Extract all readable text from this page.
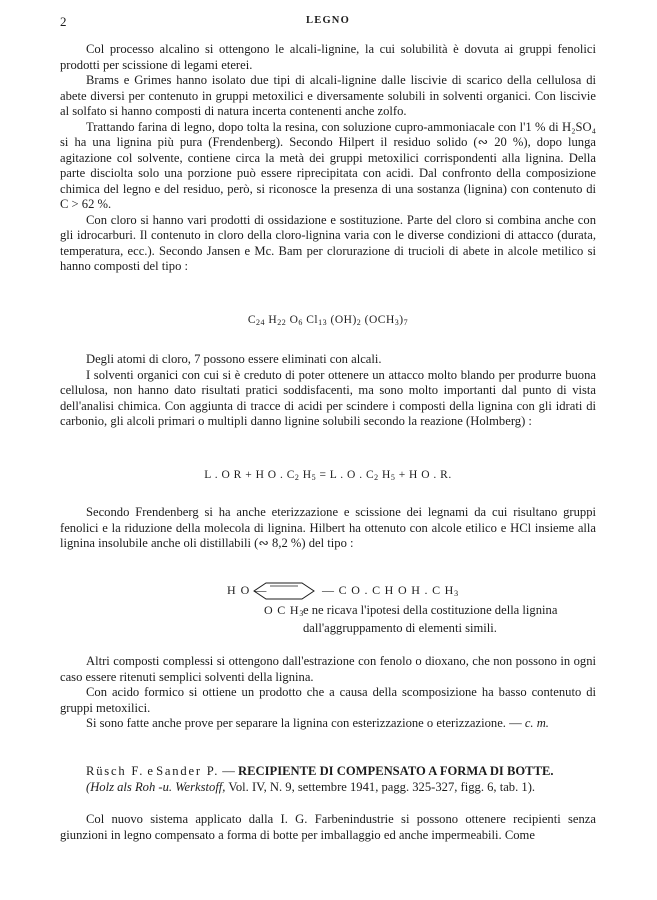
2	LEGNO

Col processo alcalino si ottengono le alcali-lignine, la cui solubilità è dovuta ai gruppi fenolici prodotti per scissione di legami eterei.

Brams e Grimes hanno isolato due tipi di alcali-lignine dalle liscivie di scarico della cellulosa di abete diversi per contenuto in gruppi metoxilici e diversamente solubili in solventi organici. Con liscivie al solfato si hanno composti di natura incerta contenenti anche zolfo.

Trattando farina di legno, dopo tolta la resina, con soluzione cupro-ammoniacale con l'1 % di H₂SO₄ si ha una lignina più pura (Frendenberg). Secondo Hilpert il residuo solido (∾ 20 %), dopo lunga agitazione col solvente, contiene circa la metà dei gruppi metoxilici corrispondenti alla lignina. Della parte disciolta solo una porzione può essere riprecipitata con acidi. Dal confronto della composizione chimica del legno e del residuo, però, si riconosce la presenza di una sostanza (lignina) con contenuto di C > 62 %.

Con cloro si hanno vari prodotti di ossidazione e sostituzione. Parte del cloro si combina anche con gli idrocarburi. Il contenuto in cloro della cloro-lignina varia con le diverse condizioni di attacco (durata, temperatura, ecc.). Secondo Jansen e Mc. Bam per clorurazione di trucioli di abete in alcole metilico si hanno composti del tipo :

$C_{24}$ $H_{22}$ $O_6$ $Cl_{13}$ $(OH)_2$ $(OCH_3)_7$

Degli atomi di cloro, 7 possono essere eliminati con alcali.

I solventi organici con cui si è creduto di poter ottenere un attacco molto blando per produrre buona cellulosa, non hanno dato risultati pratici soddisfacenti, ma sono molto importanti dal punto di vista dell'analisi chimica. Con aggiunta di tracce di acidi per scindere i composti della lignina con gli idrati di carbonio, gli alcoli primari o multipli danno lignine solubili secondo la reazione (Holmberg) :

L . O R + H O . $C_2$ $H_5 = L$ . O . $C_2$ $H_5 + H$ O . R.

Secondo Frendenberg si ha anche eterizzazione e scissione dei legnami da cui risultano gruppi fenolici e la riduzione della molecola di lignina. Hilbert ha ottenuto con alcole etilico e HCl insieme alla lignina insolubile anche oli distillabili (∾ 8,2 %) del tipo :

H O —	— C O . C H O H . C $H_3$
O C $H_3$
e ne ricava l'ipotesi della costituzione della lignina
dall'aggruppamento di elementi simili.

Altri composti complessi si ottengono dall'estrazione con fenolo o dioxano, che non possono in ogni caso essere ritenuti semplici solventi della lignina.

Con acido formico si ottiene un prodotto che a causa della scomposizione ha basso contenuto di gruppi metoxilici.

Si sono fatte anche prove per separare la lignina con esterizzazione o eterizzazione. — c. m.

Rüsch F. e Sander P. — RECIPIENTE DI COMPENSATO A FORMA DI BOTTE.

(Holz als Roh -u. Werkstoff, Vol. IV, N. 9, settembre 1941, pagg. 325-327, figg. 6, tab. 1).

Col nuovo sistema applicato dalla I. G. Farbenindustrie si possono ottenere recipienti senza giunzioni in legno compensato a forma di botte per imballaggio ed anche impermeabili. Come
